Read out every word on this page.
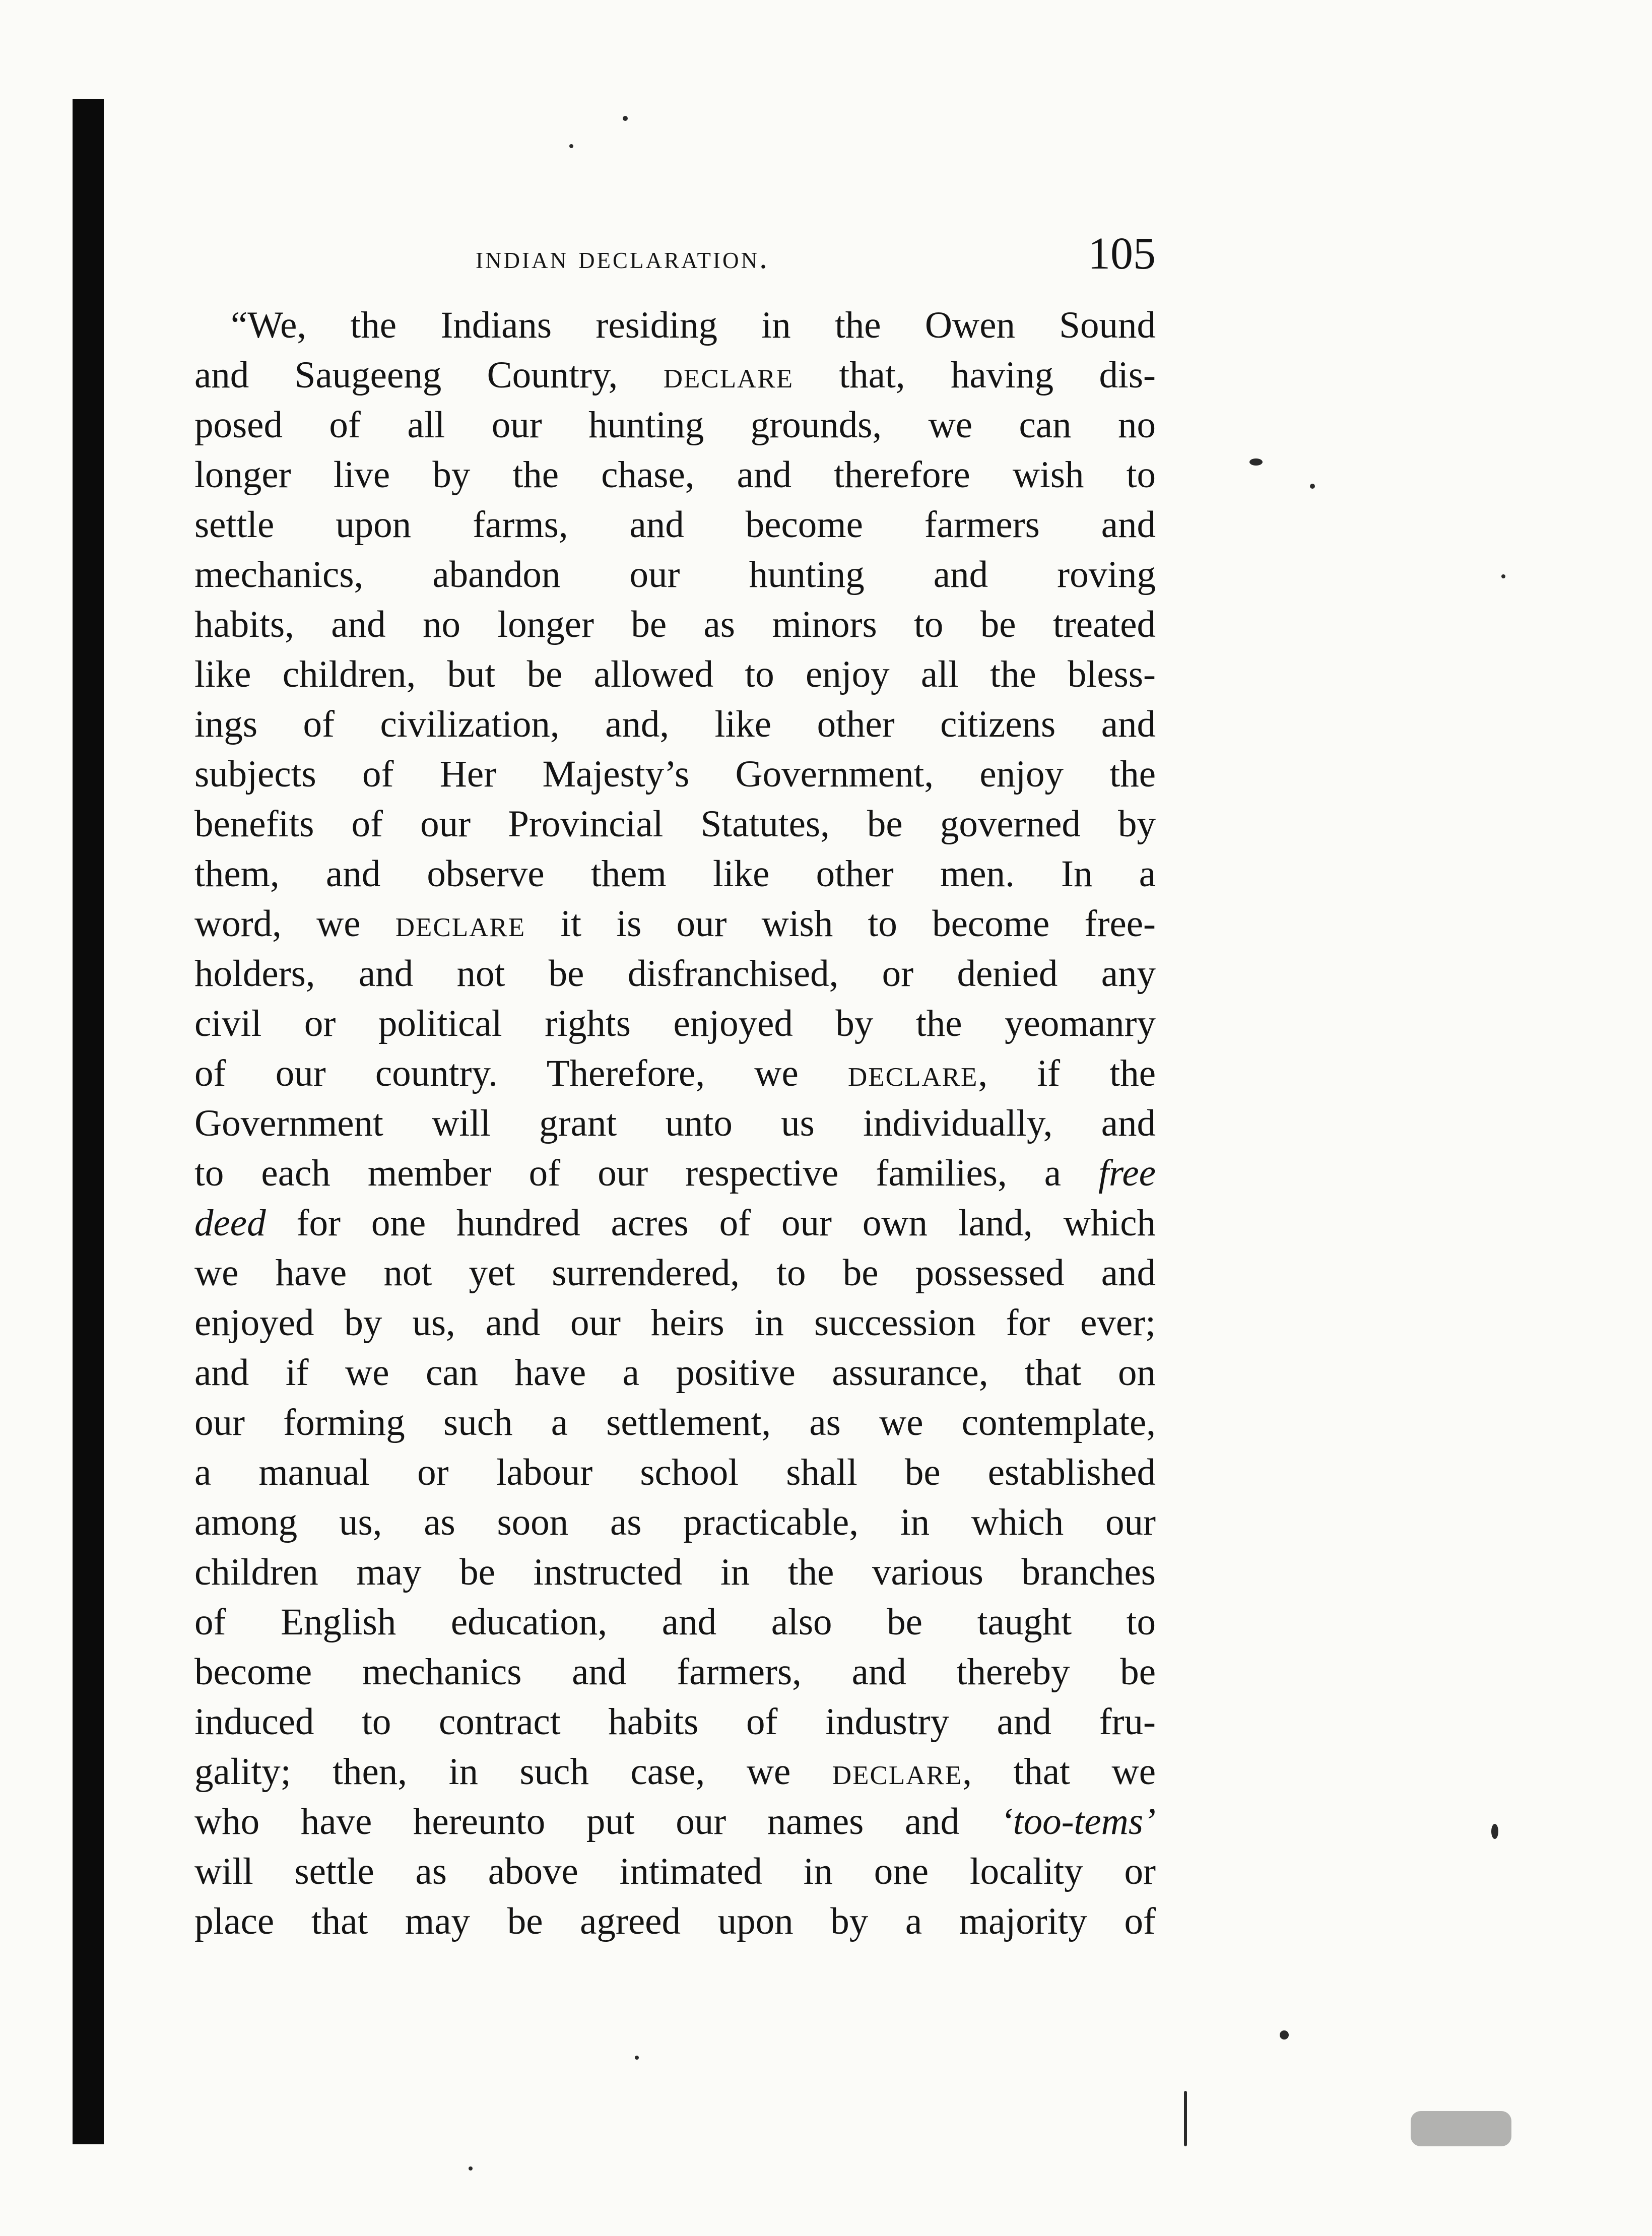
indian declaration.	105
“We, the Indians residing in the Owen Sound
and Saugeeng Country, declare that, having dis-
posed of all our hunting grounds, we can no
longer live by the chase, and therefore wish to
settle upon farms, and become farmers and
mechanics, abandon our hunting and roving
habits, and no longer be as minors to be treated
like children, but be allowed to enjoy all the bless-
ings of civilization, and, like other citizens and
subjects of Her Majesty’s Government, enjoy the
benefits of our Provincial Statutes, be governed by
them, and observe them like other men. In a
word, we declare it is our wish to become free-
holders, and not be disfranchised, or denied any
civil or political rights enjoyed by the yeomanry
of our country. Therefore, we declare, if the
Government will grant unto us individually, and
to each member of our respective families, a free
deed for one hundred acres of our own land, which
we have not yet surrendered, to be possessed and
enjoyed by us, and our heirs in succession for ever;
and if we can have a positive assurance, that on
our forming such a settlement, as we contemplate,
a manual or labour school shall be established
among us, as soon as practicable, in which our
children may be instructed in the various branches
of English education, and also be taught to
become mechanics and farmers, and thereby be
induced to contract habits of industry and fru-
gality; then, in such case, we declare, that we
who have hereunto put our names and ‘too-tems’
will settle as above intimated in one locality or
place that may be agreed upon by a majority of
